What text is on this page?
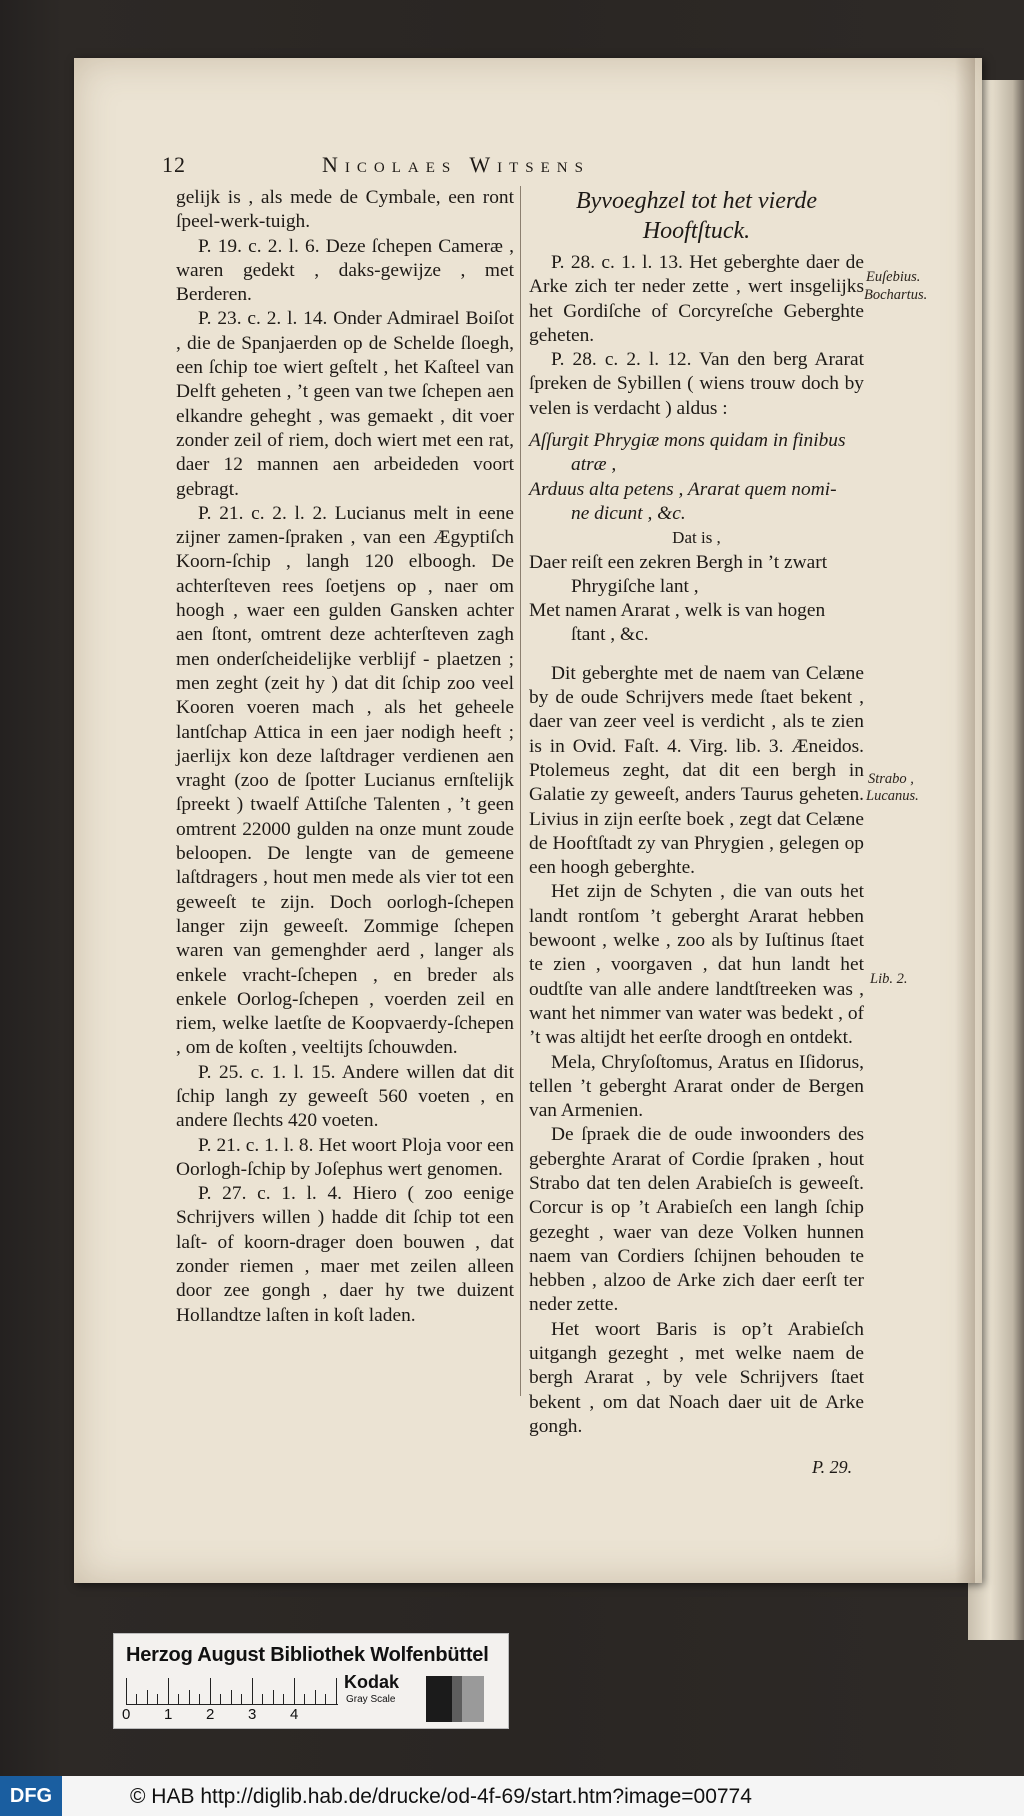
12	Nicolaes Witsens

gelijk is , als mede de Cymbale, een ront ſpeel-werk-tuigh.

P. 19. c. 2. l. 6. Deze ſchepen Cameræ , waren gedekt , daks-gewijze , met Berderen.

P. 23. c. 2. l. 14. Onder Admirael Boiſot , die de Spanjaerden op de Schelde ſloegh, een ſchip toe wiert geſtelt , het Kaſteel van Delft geheten , ’t geen van twe ſchepen aen elkandre geheght , was gemaekt , dit voer zonder zeil of riem, doch wiert met een rat, daer 12 mannen aen arbeideden voort gebragt.

P. 21. c. 2. l. 2. Lucianus melt in eene zijner zamen-ſpraken , van een Ægyptiſch Koorn-ſchip , langh 120 elboogh. De achterſteven rees ſoetjens op , naer om hoogh , waer een gulden Gansken achter aen ſtont, omtrent deze achterſteven zagh men onderſcheidelijke verblijf - plaetzen ; men zeght (zeit hy ) dat dit ſchip zoo veel Kooren voeren mach , als het geheele lantſchap Attica in een jaer nodigh heeft ; jaerlijx kon deze laſtdrager verdienen aen vraght (zoo de ſpotter Lucianus ernſtelijk ſpreekt ) twaelf Attiſche Talenten , ’t geen omtrent 22000 gulden na onze munt zoude beloopen. De lengte van de gemeene laſtdragers , hout men mede als vier tot een geweeſt te zijn. Doch oorlogh-ſchepen langer zijn geweeſt. Zommige ſchepen waren van gemenghder aerd , langer als enkele vracht-ſchepen , en breder als enkele Oorlog-ſchepen , voerden zeil en riem, welke laetſte de Koopvaerdy-ſchepen , om de koſten , veeltijts ſchouwden.

P. 25. c. 1. l. 15. Andere willen dat dit ſchip langh zy geweeſt 560 voeten , en andere ſlechts 420 voeten.

P. 21. c. 1. l. 8. Het woort Ploja voor een Oorlogh-ſchip by Joſephus wert genomen.

P. 27. c. 1. l. 4. Hiero ( zoo eenige Schrijvers willen ) hadde dit ſchip tot een laſt- of koorn-drager doen bouwen , dat zonder riemen , maer met zeilen alleen door zee gongh , daer hy twe duizent Hollandtze laſten in koſt laden.

Byvoeghzel tot het vierde Hooftſtuck.

P. 28. c. 1. l. 13. Het geberghte daer de Arke zich ter neder zette , wert insgelijks het Gordiſche of Corcyreſche Geberghte geheten.

P. 28. c. 2. l. 12. Van den berg Ararat ſpreken de Sybillen ( wiens trouw doch by velen is verdacht ) aldus :

Aſſurgit Phrygiæ mons quidam in finibus
atræ ,
Arduus alta petens , Ararat quem nomi-
ne dicunt , &c.
Dat is ,
Daer reiſt een zekren Bergh in ’t zwart
Phrygiſche lant ,
Met namen Ararat , welk is van hogen
ſtant , &c.

Dit geberghte met de naem van Celæne by de oude Schrijvers mede ſtaet bekent , daer van zeer veel is verdicht , als te zien is in Ovid. Faſt. 4. Virg. lib. 3. Æneidos. Ptolemeus zeght, dat dit een bergh in Galatie zy geweeſt, anders Taurus geheten. Livius in zijn eerſte boek , zegt dat Celæne de Hooftſtadt zy van Phrygien , gelegen op een hoogh geberghte.

Het zijn de Schyten , die van outs het landt rontſom ’t geberght Ararat hebben bewoont , welke , zoo als by Iuſtinus ſtaet te zien , voorgaven , dat hun landt het oudtſte van alle andere landtſtreeken was , want het nimmer van water was bedekt , of ’t was altijdt het eerſte droogh en ontdekt.

Mela, Chryſoſtomus, Aratus en Iſidorus, tellen ’t geberght Ararat onder de Bergen van Armenien.

De ſpraek die de oude inwoonders des geberghte Ararat of Cordie ſpraken , hout Strabo dat ten delen Arabieſch is geweeſt. Corcur is op ’t Arabieſch een langh ſchip gezeght , waer van deze Volken hunnen naem van Cordiers ſchijnen behouden te hebben , alzoo de Arke zich daer eerſt ter neder zette.

Het woort Baris is op’t Arabieſch uitgangh gezeght , met welke naem de bergh Ararat , by vele Schrijvers ſtaet bekent , om dat Noach daer uit de Arke gongh.

Euſebius.
Bochartus.
Strabo ,
Lucanus.
Lib. 2.
P. 29.
Herzog August Bibliothek Wolfenbüttel
0 1 2 3 4
Kodak
Gray Scale
DFG	© HAB http://diglib.hab.de/drucke/od-4f-69/start.htm?image=00774
